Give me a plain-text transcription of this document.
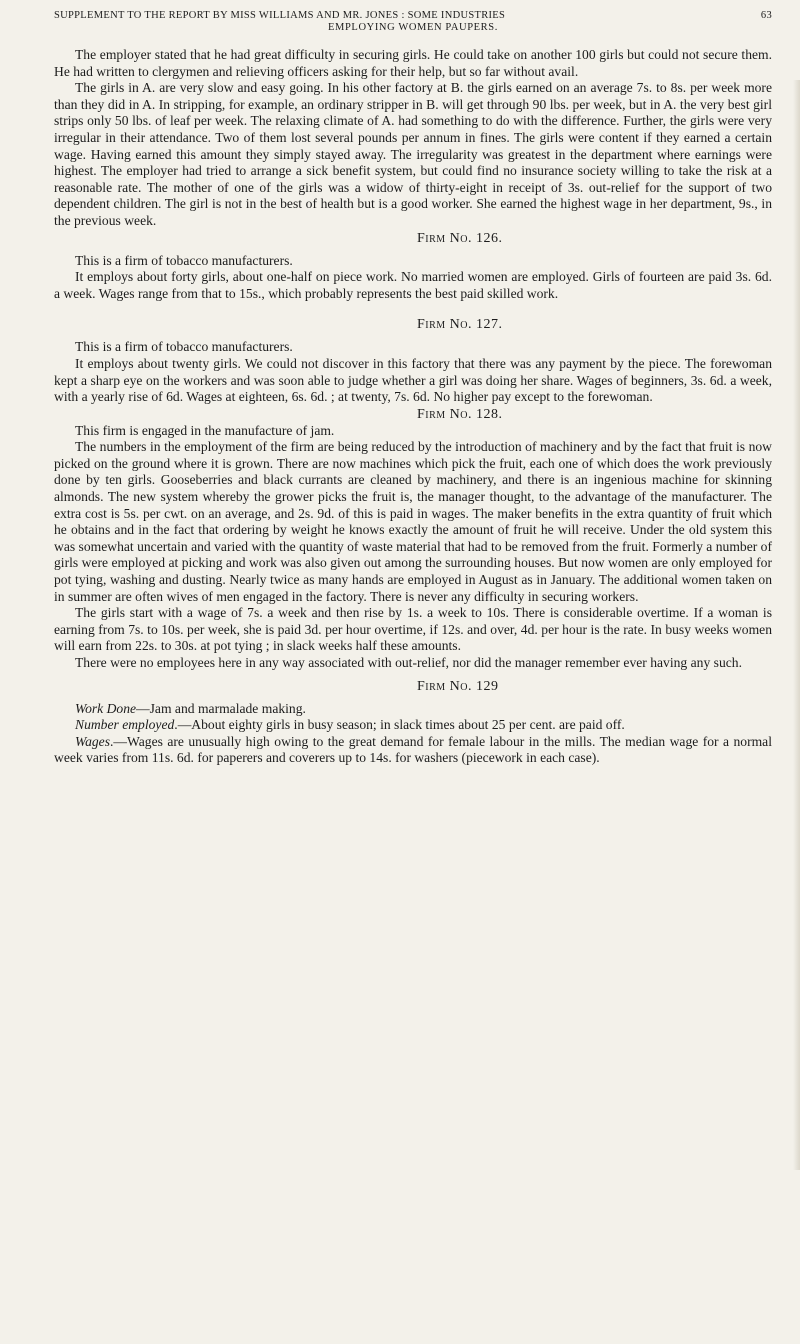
SUPPLEMENT TO THE REPORT BY MISS WILLIAMS AND MR. JONES : SOME INDUSTRIES	63
EMPLOYING WOMEN PAUPERS.

The employer stated that he had great difficulty in securing girls. He could take on another 100 girls but could not secure them. He had written to clergymen and relieving officers asking for their help, but so far without avail.

The girls in A. are very slow and easy going. In his other factory at B. the girls earned on an average 7s. to 8s. per week more than they did in A. In stripping, for example, an ordinary stripper in B. will get through 90 lbs. per week, but in A. the very best girl strips only 50 lbs. of leaf per week. The relaxing climate of A. had something to do with the difference. Further, the girls were very irregular in their attendance. Two of them lost several pounds per annum in fines. The girls were content if they earned a certain wage. Having earned this amount they simply stayed away. The irregularity was greatest in the department where earnings were highest. The employer had tried to arrange a sick benefit system, but could find no insurance society willing to take the risk at a reasonable rate. The mother of one of the girls was a widow of thirty-eight in receipt of 3s. out-relief for the support of two dependent children. The girl is not in the best of health but is a good worker. She earned the highest wage in her department, 9s., in the previous week.

Firm No. 126.

This is a firm of tobacco manufacturers.

It employs about forty girls, about one-half on piece work. No married women are employed. Girls of fourteen are paid 3s. 6d. a week. Wages range from that to 15s., which probably represents the best paid skilled work.

Firm No. 127.

This is a firm of tobacco manufacturers.

It employs about twenty girls. We could not discover in this factory that there was any payment by the piece. The forewoman kept a sharp eye on the workers and was soon able to judge whether a girl was doing her share. Wages of beginners, 3s. 6d. a week, with a yearly rise of 6d. Wages at eighteen, 6s. 6d. ; at twenty, 7s. 6d. No higher pay except to the forewoman.

Firm No. 128.

This firm is engaged in the manufacture of jam.

The numbers in the employment of the firm are being reduced by the introduction of machinery and by the fact that fruit is now picked on the ground where it is grown. There are now machines which pick the fruit, each one of which does the work previously done by ten girls. Gooseberries and black currants are cleaned by machinery, and there is an ingenious machine for skinning almonds. The new system whereby the grower picks the fruit is, the manager thought, to the advantage of the manufacturer. The extra cost is 5s. per cwt. on an average, and 2s. 9d. of this is paid in wages. The maker benefits in the extra quantity of fruit which he obtains and in the fact that ordering by weight he knows exactly the amount of fruit he will receive. Under the old system this was somewhat uncertain and varied with the quantity of waste material that had to be removed from the fruit. Formerly a number of girls were employed at picking and work was also given out among the surrounding houses. But now women are only employed for pot tying, washing and dusting. Nearly twice as many hands are employed in August as in January. The additional women taken on in summer are often wives of men engaged in the factory. There is never any difficulty in securing workers.

The girls start with a wage of 7s. a week and then rise by 1s. a week to 10s. There is considerable overtime. If a woman is earning from 7s. to 10s. per week, she is paid 3d. per hour overtime, if 12s. and over, 4d. per hour is the rate. In busy weeks women will earn from 22s. to 30s. at pot tying ; in slack weeks half these amounts.

There were no employees here in any way associated with out-relief, nor did the manager remember ever having any such.

Firm No. 129

Work Done—Jam and marmalade making.

Number employed.—About eighty girls in busy season; in slack times about 25 per cent. are paid off.

Wages.—Wages are unusually high owing to the great demand for female labour in the mills. The median wage for a normal week varies from 11s. 6d. for paperers and coverers up to 14s. for washers (piecework in each case).
